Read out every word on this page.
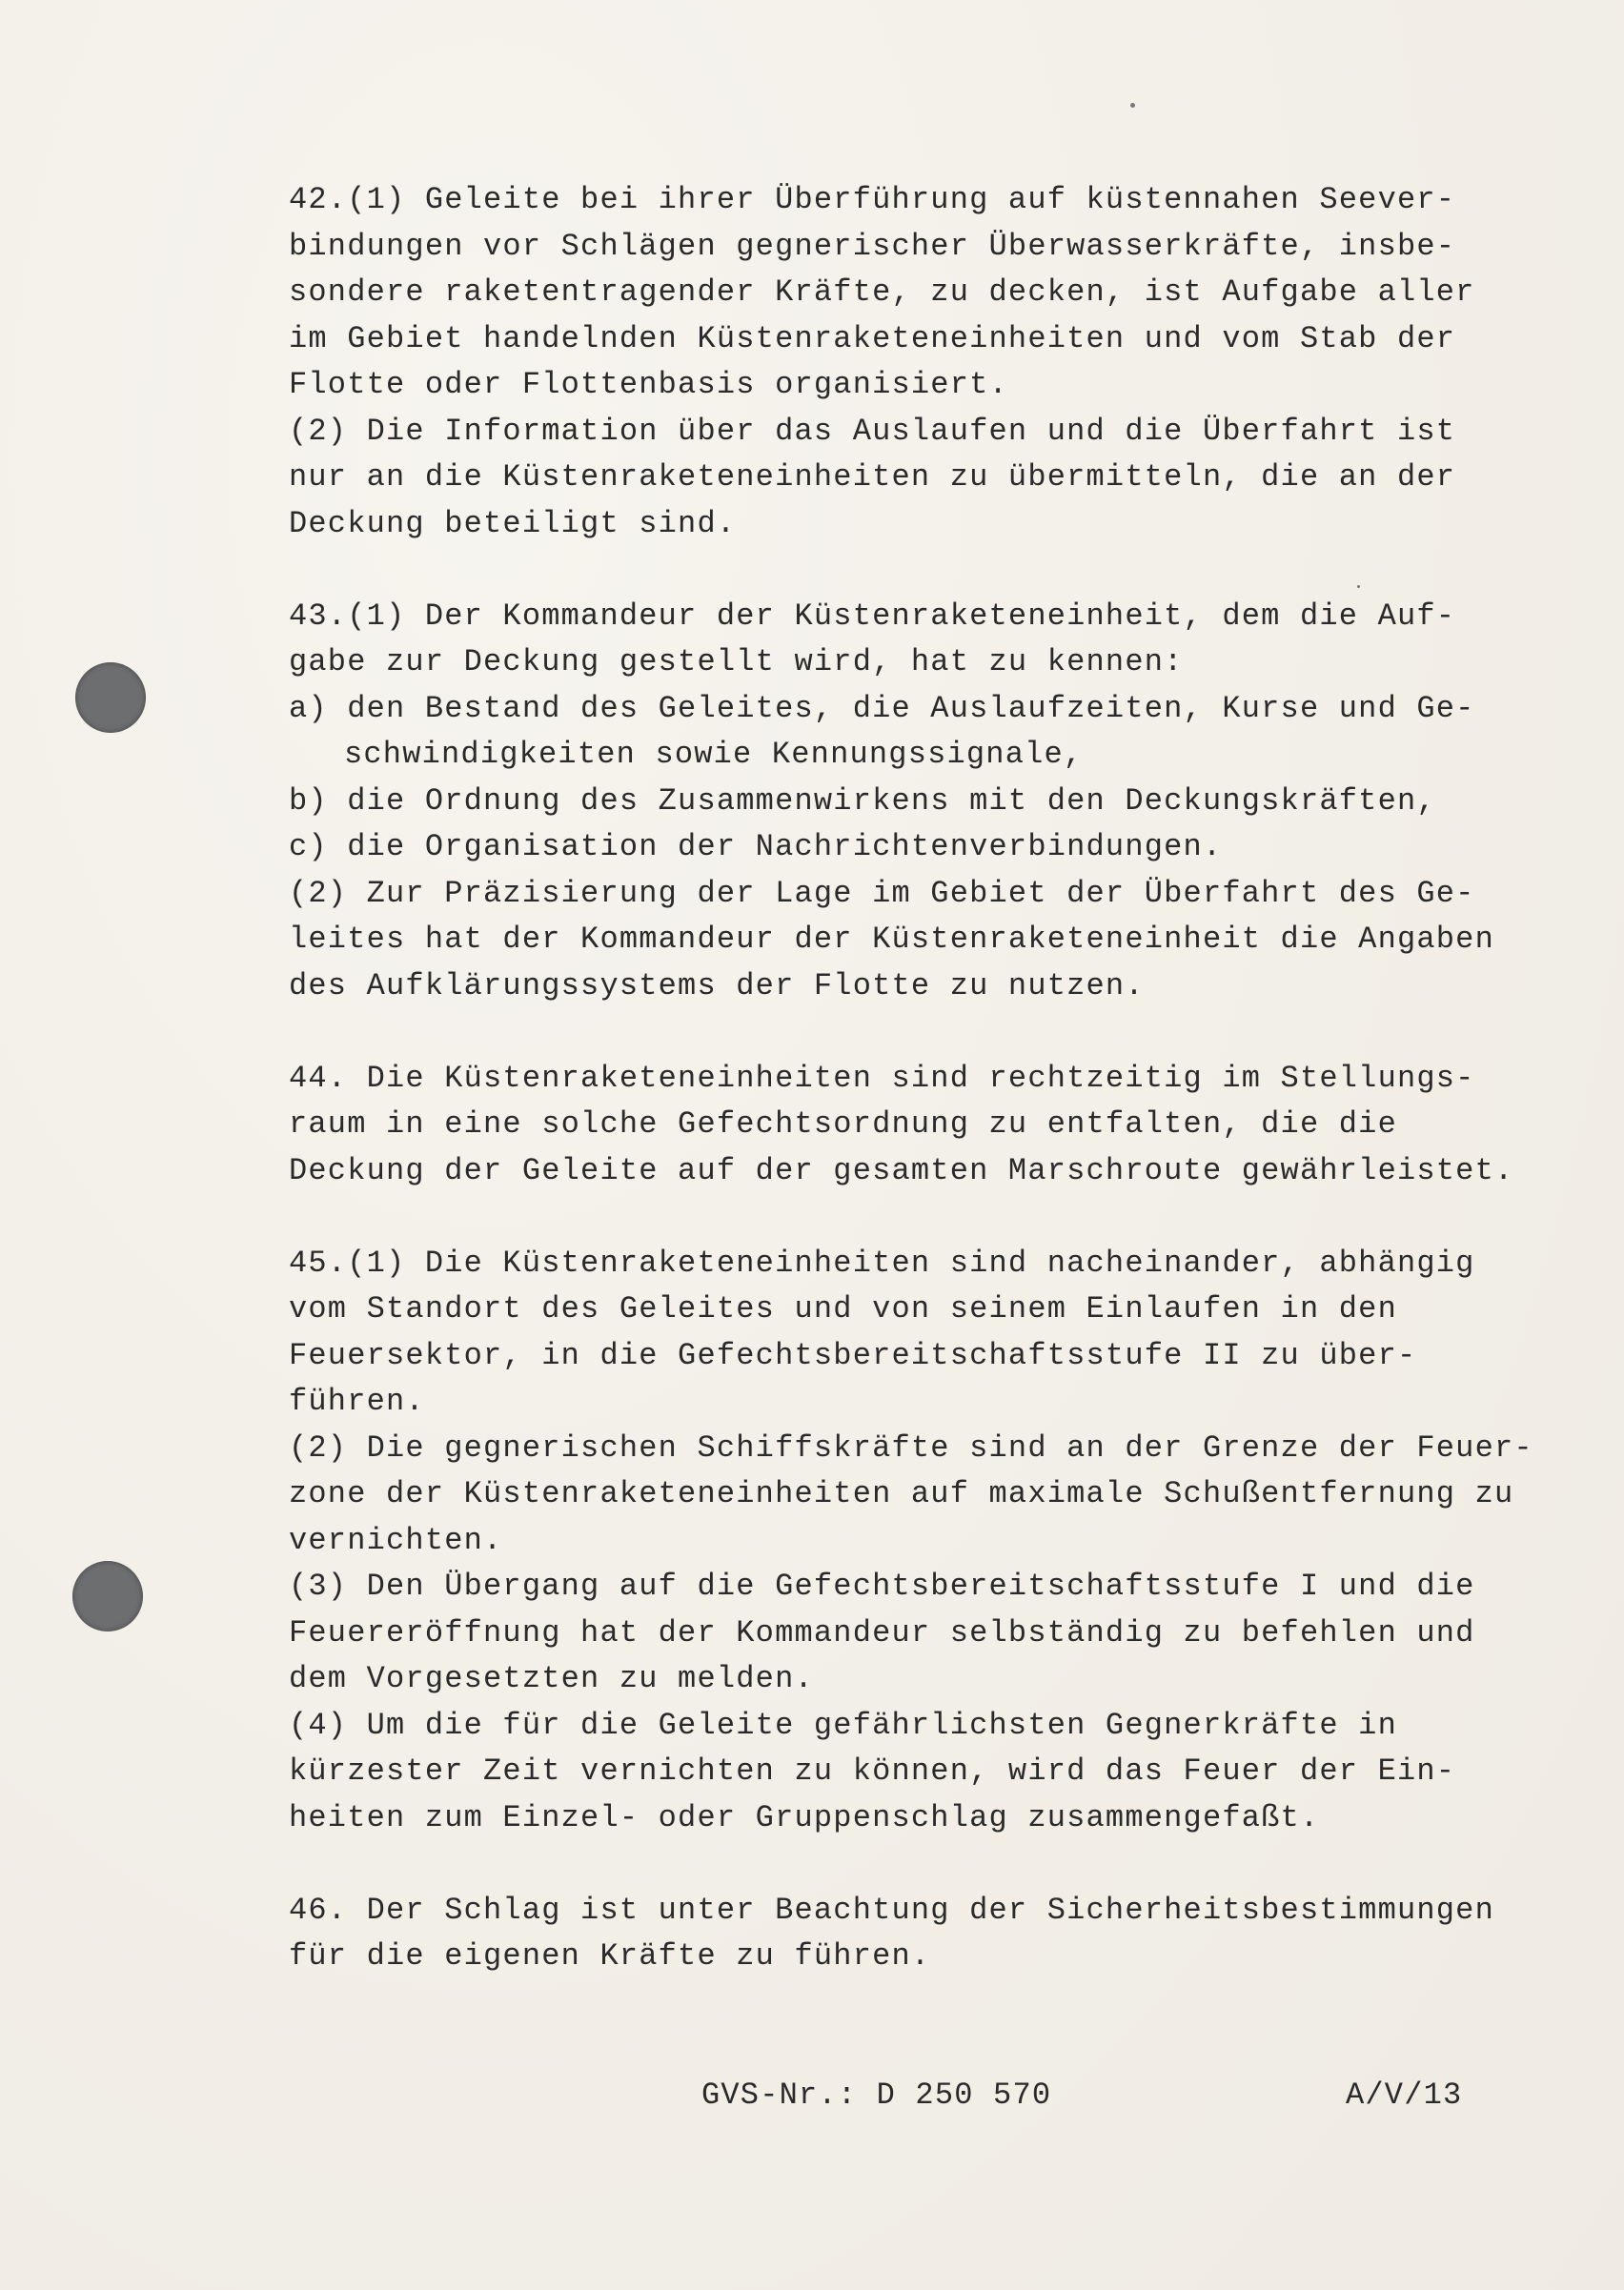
42.(1) Geleite bei ihrer Überführung auf küstennahen Seever-
bindungen vor Schlägen gegnerischer Überwasserkräfte, insbe-
sondere raketentragender Kräfte, zu decken, ist Aufgabe aller
im Gebiet handelnden Küstenraketeneinheiten und vom Stab der
Flotte oder Flottenbasis organisiert.
(2) Die Information über das Auslaufen und die Überfahrt ist
nur an die Küstenraketeneinheiten zu übermitteln, die an der
Deckung beteiligt sind.
43.(1) Der Kommandeur der Küstenraketeneinheit, dem die Auf-
gabe zur Deckung gestellt wird, hat zu kennen:
a) den Bestand des Geleites, die Auslaufzeiten, Kurse und Ge-
schwindigkeiten sowie Kennungssignale,
b) die Ordnung des Zusammenwirkens mit den Deckungskräften,
c) die Organisation der Nachrichtenverbindungen.
(2) Zur Präzisierung der Lage im Gebiet der Überfahrt des Ge-
leites hat der Kommandeur der Küstenraketeneinheit die Angaben
des Aufklärungssystems der Flotte zu nutzen.
44. Die Küstenraketeneinheiten sind rechtzeitig im Stellungs-
raum in eine solche Gefechtsordnung zu entfalten, die die
Deckung der Geleite auf der gesamten Marschroute gewährleistet.
45.(1) Die Küstenraketeneinheiten sind nacheinander, abhängig
vom Standort des Geleites und von seinem Einlaufen in den
Feuersektor, in die Gefechtsbereitschaftsstufe II zu über-
führen.
(2) Die gegnerischen Schiffskräfte sind an der Grenze der Feuer-
zone der Küstenraketeneinheiten auf maximale Schußentfernung zu
vernichten.
(3) Den Übergang auf die Gefechtsbereitschaftsstufe I und die
Feuereröffnung hat der Kommandeur selbständig zu befehlen und
dem Vorgesetzten zu melden.
(4) Um die für die Geleite gefährlichsten Gegnerkräfte in
kürzester Zeit vernichten zu können, wird das Feuer der Ein-
heiten zum Einzel- oder Gruppenschlag zusammengefaßt.
46. Der Schlag ist unter Beachtung der Sicherheitsbestimmungen
für die eigenen Kräfte zu führen.
GVS-Nr.: D 250 570	A/V/13
